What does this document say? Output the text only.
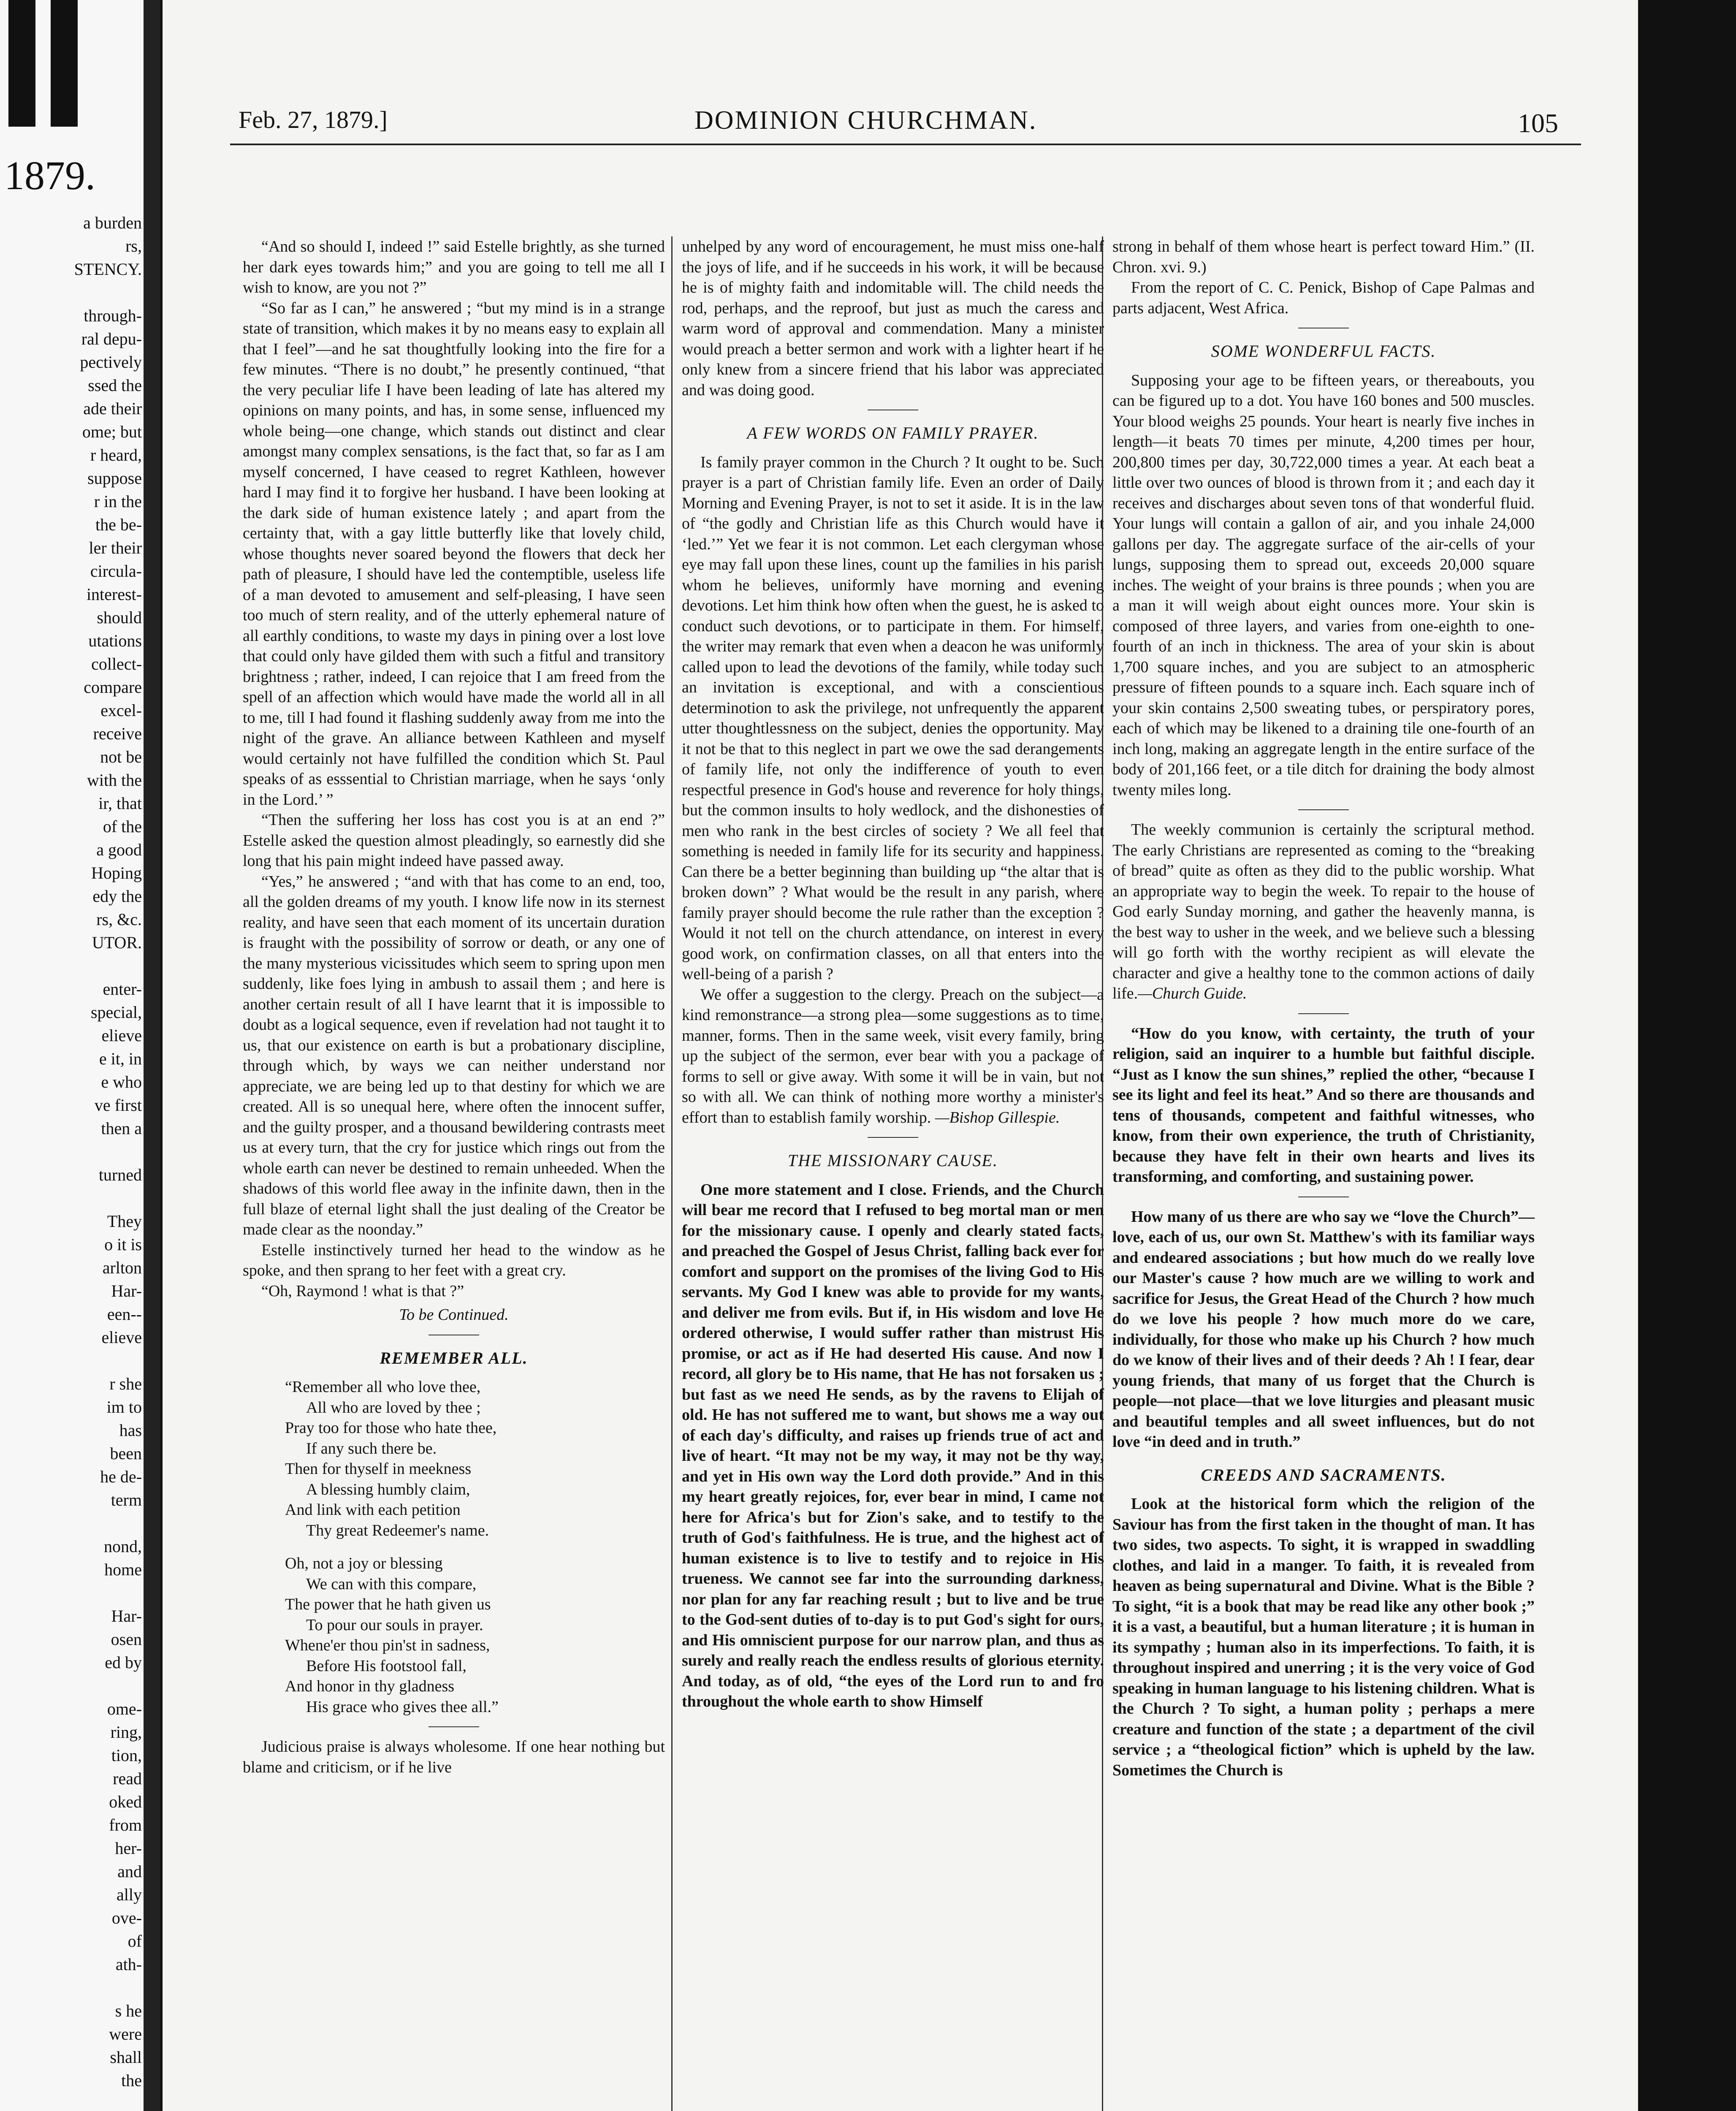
1879.
a burden
rs,
STENCY.
through-
ral depu-
pectively
ssed the
ade their
ome; but
r heard,
suppose
r in the
the be-
ler their
circula-
interest-
should
utations
collect-
compare
excel-
receive
not be
with the
ir, that
of the
a good
Hoping
edy the
rs, &c.
UTOR.
enter-
special,
elieve
e it, in
e who
ve first
then a
turned
They
o it is
arlton
Har-
een--
elieve
r she
im to
has
been
he de-
term
nond,
home
Har-
osen
ed by
ome-
ring,
tion,
read
oked
from
her-
and
ally
ove-
of
ath-
s he
were
shall
the
Feb. 27, 1879.]	DOMINION CHURCHMAN.	105

“And so should I, indeed !” said Estelle brightly, as she turned her dark eyes towards him;” and you are going to tell me all I wish to know, are you not ?”

“So far as I can,” he answered ; “but my mind is in a strange state of transition, which makes it by no means easy to explain all that I feel”—and he sat thoughtfully looking into the fire for a few minutes. “There is no doubt,” he presently continued, “that the very peculiar life I have been leading of late has altered my opinions on many points, and has, in some sense, influenced my whole being—one change, which stands out distinct and clear amongst many complex sensations, is the fact that, so far as I am myself concerned, I have ceased to regret Kathleen, however hard I may find it to forgive her husband. I have been looking at the dark side of human existence lately ; and apart from the certainty that, with a gay little butterfly like that lovely child, whose thoughts never soared beyond the flowers that deck her path of pleasure, I should have led the contemptible, useless life of a man devoted to amusement and self-pleasing, I have seen too much of stern reality, and of the utterly ephemeral nature of all earthly conditions, to waste my days in pining over a lost love that could only have gilded them with such a fitful and transitory brightness ; rather, indeed, I can rejoice that I am freed from the spell of an affection which would have made the world all in all to me, till I had found it flashing suddenly away from me into the night of the grave. An alliance between Kathleen and myself would certainly not have fulfilled the condition which St. Paul speaks of as esssential to Christian marriage, when he says ‘only in the Lord.’ ”

“Then the suffering her loss has cost you is at an end ?” Estelle asked the question almost pleadingly, so earnestly did she long that his pain might indeed have passed away.

“Yes,” he answered ; “and with that has come to an end, too, all the golden dreams of my youth. I know life now in its sternest reality, and have seen that each moment of its uncertain duration is fraught with the possibility of sorrow or death, or any one of the many mysterious vicissitudes which seem to spring upon men suddenly, like foes lying in ambush to assail them ; and here is another certain result of all I have learnt that it is impossible to doubt as a logical sequence, even if revelation had not taught it to us, that our existence on earth is but a probationary discipline, through which, by ways we can neither understand nor appreciate, we are being led up to that destiny for which we are created. All is so unequal here, where often the innocent suffer, and the guilty prosper, and a thousand bewildering contrasts meet us at every turn, that the cry for justice which rings out from the whole earth can never be destined to remain unheeded. When the shadows of this world flee away in the infinite dawn, then in the full blaze of eternal light shall the just dealing of the Creator be made clear as the noonday.”

Estelle instinctively turned her head to the window as he spoke, and then sprang to her feet with a great cry.

“Oh, Raymond ! what is that ?”

To be Continued.
REMEMBER ALL.
“Remember all who love thee,
All who are loved by thee ;
Pray too for those who hate thee,
If any such there be.
Then for thyself in meekness
A blessing humbly claim,
And link with each petition
Thy great Redeemer's name.
Oh, not a joy or blessing
We can with this compare,
The power that he hath given us
To pour our souls in prayer.
Whene'er thou pin'st in sadness,
Before His footstool fall,
And honor in thy gladness
His grace who gives thee all.”

Judicious praise is always wholesome. If one hear nothing but blame and criticism, or if he live

unhelped by any word of encouragement, he must miss one-half the joys of life, and if he succeeds in his work, it will be because he is of mighty faith and indomitable will. The child needs the rod, perhaps, and the reproof, but just as much the caress and warm word of approval and commendation. Many a minister would preach a better sermon and work with a lighter heart if he only knew from a sincere friend that his labor was appreciated and was doing good.

A FEW WORDS ON FAMILY PRAYER.

Is family prayer common in the Church ? It ought to be. Such prayer is a part of Christian family life. Even an order of Daily Morning and Evening Prayer, is not to set it aside. It is in the law of “the godly and Christian life as this Church would have it ‘led.’” Yet we fear it is not common. Let each clergyman whose eye may fall upon these lines, count up the families in his parish whom he believes, uniformly have morning and evening devotions. Let him think how often when the guest, he is asked to conduct such devotions, or to participate in them. For himself, the writer may remark that even when a deacon he was uniformly called upon to lead the devotions of the family, while today such an invitation is exceptional, and with a conscientious determinotion to ask the privilege, not unfrequently the apparent utter thoughtlessness on the subject, denies the opportunity. May it not be that to this neglect in part we owe the sad derangements of family life, not only the indifference of youth to even respectful presence in God's house and reverence for holy things, but the common insults to holy wedlock, and the dishonesties of men who rank in the best circles of society ? We all feel that something is needed in family life for its security and happiness. Can there be a better beginning than building up “the altar that is broken down” ? What would be the result in any parish, where family prayer should become the rule rather than the exception ? Would it not tell on the church attendance, on interest in every good work, on confirmation classes, on all that enters into the well-being of a parish ?

We offer a suggestion to the clergy. Preach on the subject—a kind remonstrance—a strong plea—some suggestions as to time, manner, forms. Then in the same week, visit every family, bring up the subject of the sermon, ever bear with you a package of forms to sell or give away. With some it will be in vain, but not so with all. We can think of nothing more worthy a minister's effort than to establish family worship. —Bishop Gillespie.

THE MISSIONARY CAUSE.

One more statement and I close. Friends, and the Church will bear me record that I refused to beg mortal man or men for the missionary cause. I openly and clearly stated facts, and preached the Gospel of Jesus Christ, falling back ever for comfort and support on the promises of the living God to His servants. My God I knew was able to provide for my wants, and deliver me from evils. But if, in His wisdom and love He ordered otherwise, I would suffer rather than mistrust His promise, or act as if He had deserted His cause. And now I record, all glory be to His name, that He has not forsaken us ; but fast as we need He sends, as by the ravens to Elijah of old. He has not suffered me to want, but shows me a way out of each day's difficulty, and raises up friends true of act and live of heart. “It may not be my way, it may not be thy way, and yet in His own way the Lord doth provide.” And in this my heart greatly rejoices, for, ever bear in mind, I came not here for Africa's but for Zion's sake, and to testify to the truth of God's faithfulness. He is true, and the highest act of human existence is to live to testify and to rejoice in His trueness. We cannot see far into the surrounding darkness, nor plan for any far reaching result ; but to live and be true to the God-sent duties of to-day is to put God's sight for ours, and His omniscient purpose for our narrow plan, and thus as surely and really reach the endless results of glorious eternity. And today, as of old, “the eyes of the Lord run to and fro throughout the whole earth to show Himself

strong in behalf of them whose heart is perfect toward Him.” (II. Chron. xvi. 9.)

From the report of C. C. Penick, Bishop of Cape Palmas and parts adjacent, West Africa.

SOME WONDERFUL FACTS.

Supposing your age to be fifteen years, or thereabouts, you can be figured up to a dot. You have 160 bones and 500 muscles. Your blood weighs 25 pounds. Your heart is nearly five inches in length—it beats 70 times per minute, 4,200 times per hour, 200,800 times per day, 30,722,000 times a year. At each beat a little over two ounces of blood is thrown from it ; and each day it receives and discharges about seven tons of that wonderful fluid. Your lungs will contain a gallon of air, and you inhale 24,000 gallons per day. The aggregate surface of the air-cells of your lungs, supposing them to spread out, exceeds 20,000 square inches. The weight of your brains is three pounds ; when you are a man it will weigh about eight ounces more. Your skin is composed of three layers, and varies from one-eighth to one-fourth of an inch in thickness. The area of your skin is about 1,700 square inches, and you are subject to an atmospheric pressure of fifteen pounds to a square inch. Each square inch of your skin contains 2,500 sweating tubes, or perspiratory pores, each of which may be likened to a draining tile one-fourth of an inch long, making an aggregate length in the entire surface of the body of 201,166 feet, or a tile ditch for draining the body almost twenty miles long.

The weekly communion is certainly the scriptural method. The early Christians are represented as coming to the “breaking of bread” quite as often as they did to the public worship. What an appropriate way to begin the week. To repair to the house of God early Sunday morning, and gather the heavenly manna, is the best way to usher in the week, and we believe such a blessing will go forth with the worthy recipient as will elevate the character and give a healthy tone to the common actions of daily life.—Church Guide.

“How do you know, with certainty, the truth of your religion, said an inquirer to a humble but faithful disciple. “Just as I know the sun shines,” replied the other, “because I see its light and feel its heat.” And so there are thousands and tens of thousands, competent and faithful witnesses, who know, from their own experience, the truth of Christianity, because they have felt in their own hearts and lives its transforming, and comforting, and sustaining power.

How many of us there are who say we “love the Church”—love, each of us, our own St. Matthew's with its familiar ways and endeared associations ; but how much do we really love our Master's cause ? how much are we willing to work and sacrifice for Jesus, the Great Head of the Church ? how much do we love his people ? how much more do we care, individually, for those who make up his Church ? how much do we know of their lives and of their deeds ? Ah ! I fear, dear young friends, that many of us forget that the Church is people—not place—that we love liturgies and pleasant music and beautiful temples and all sweet influences, but do not love “in deed and in truth.”

CREEDS AND SACRAMENTS.

Look at the historical form which the religion of the Saviour has from the first taken in the thought of man. It has two sides, two aspects. To sight, it is wrapped in swaddling clothes, and laid in a manger. To faith, it is revealed from heaven as being supernatural and Divine. What is the Bible ? To sight, “it is a book that may be read like any other book ;” it is a vast, a beautiful, but a human literature ; it is human in its sympathy ; human also in its imperfections. To faith, it is throughout inspired and unerring ; it is the very voice of God speaking in human language to his listening children. What is the Church ? To sight, a human polity ; perhaps a mere creature and function of the state ; a department of the civil service ; a “theological fiction” which is upheld by the law. Sometimes the Church is
